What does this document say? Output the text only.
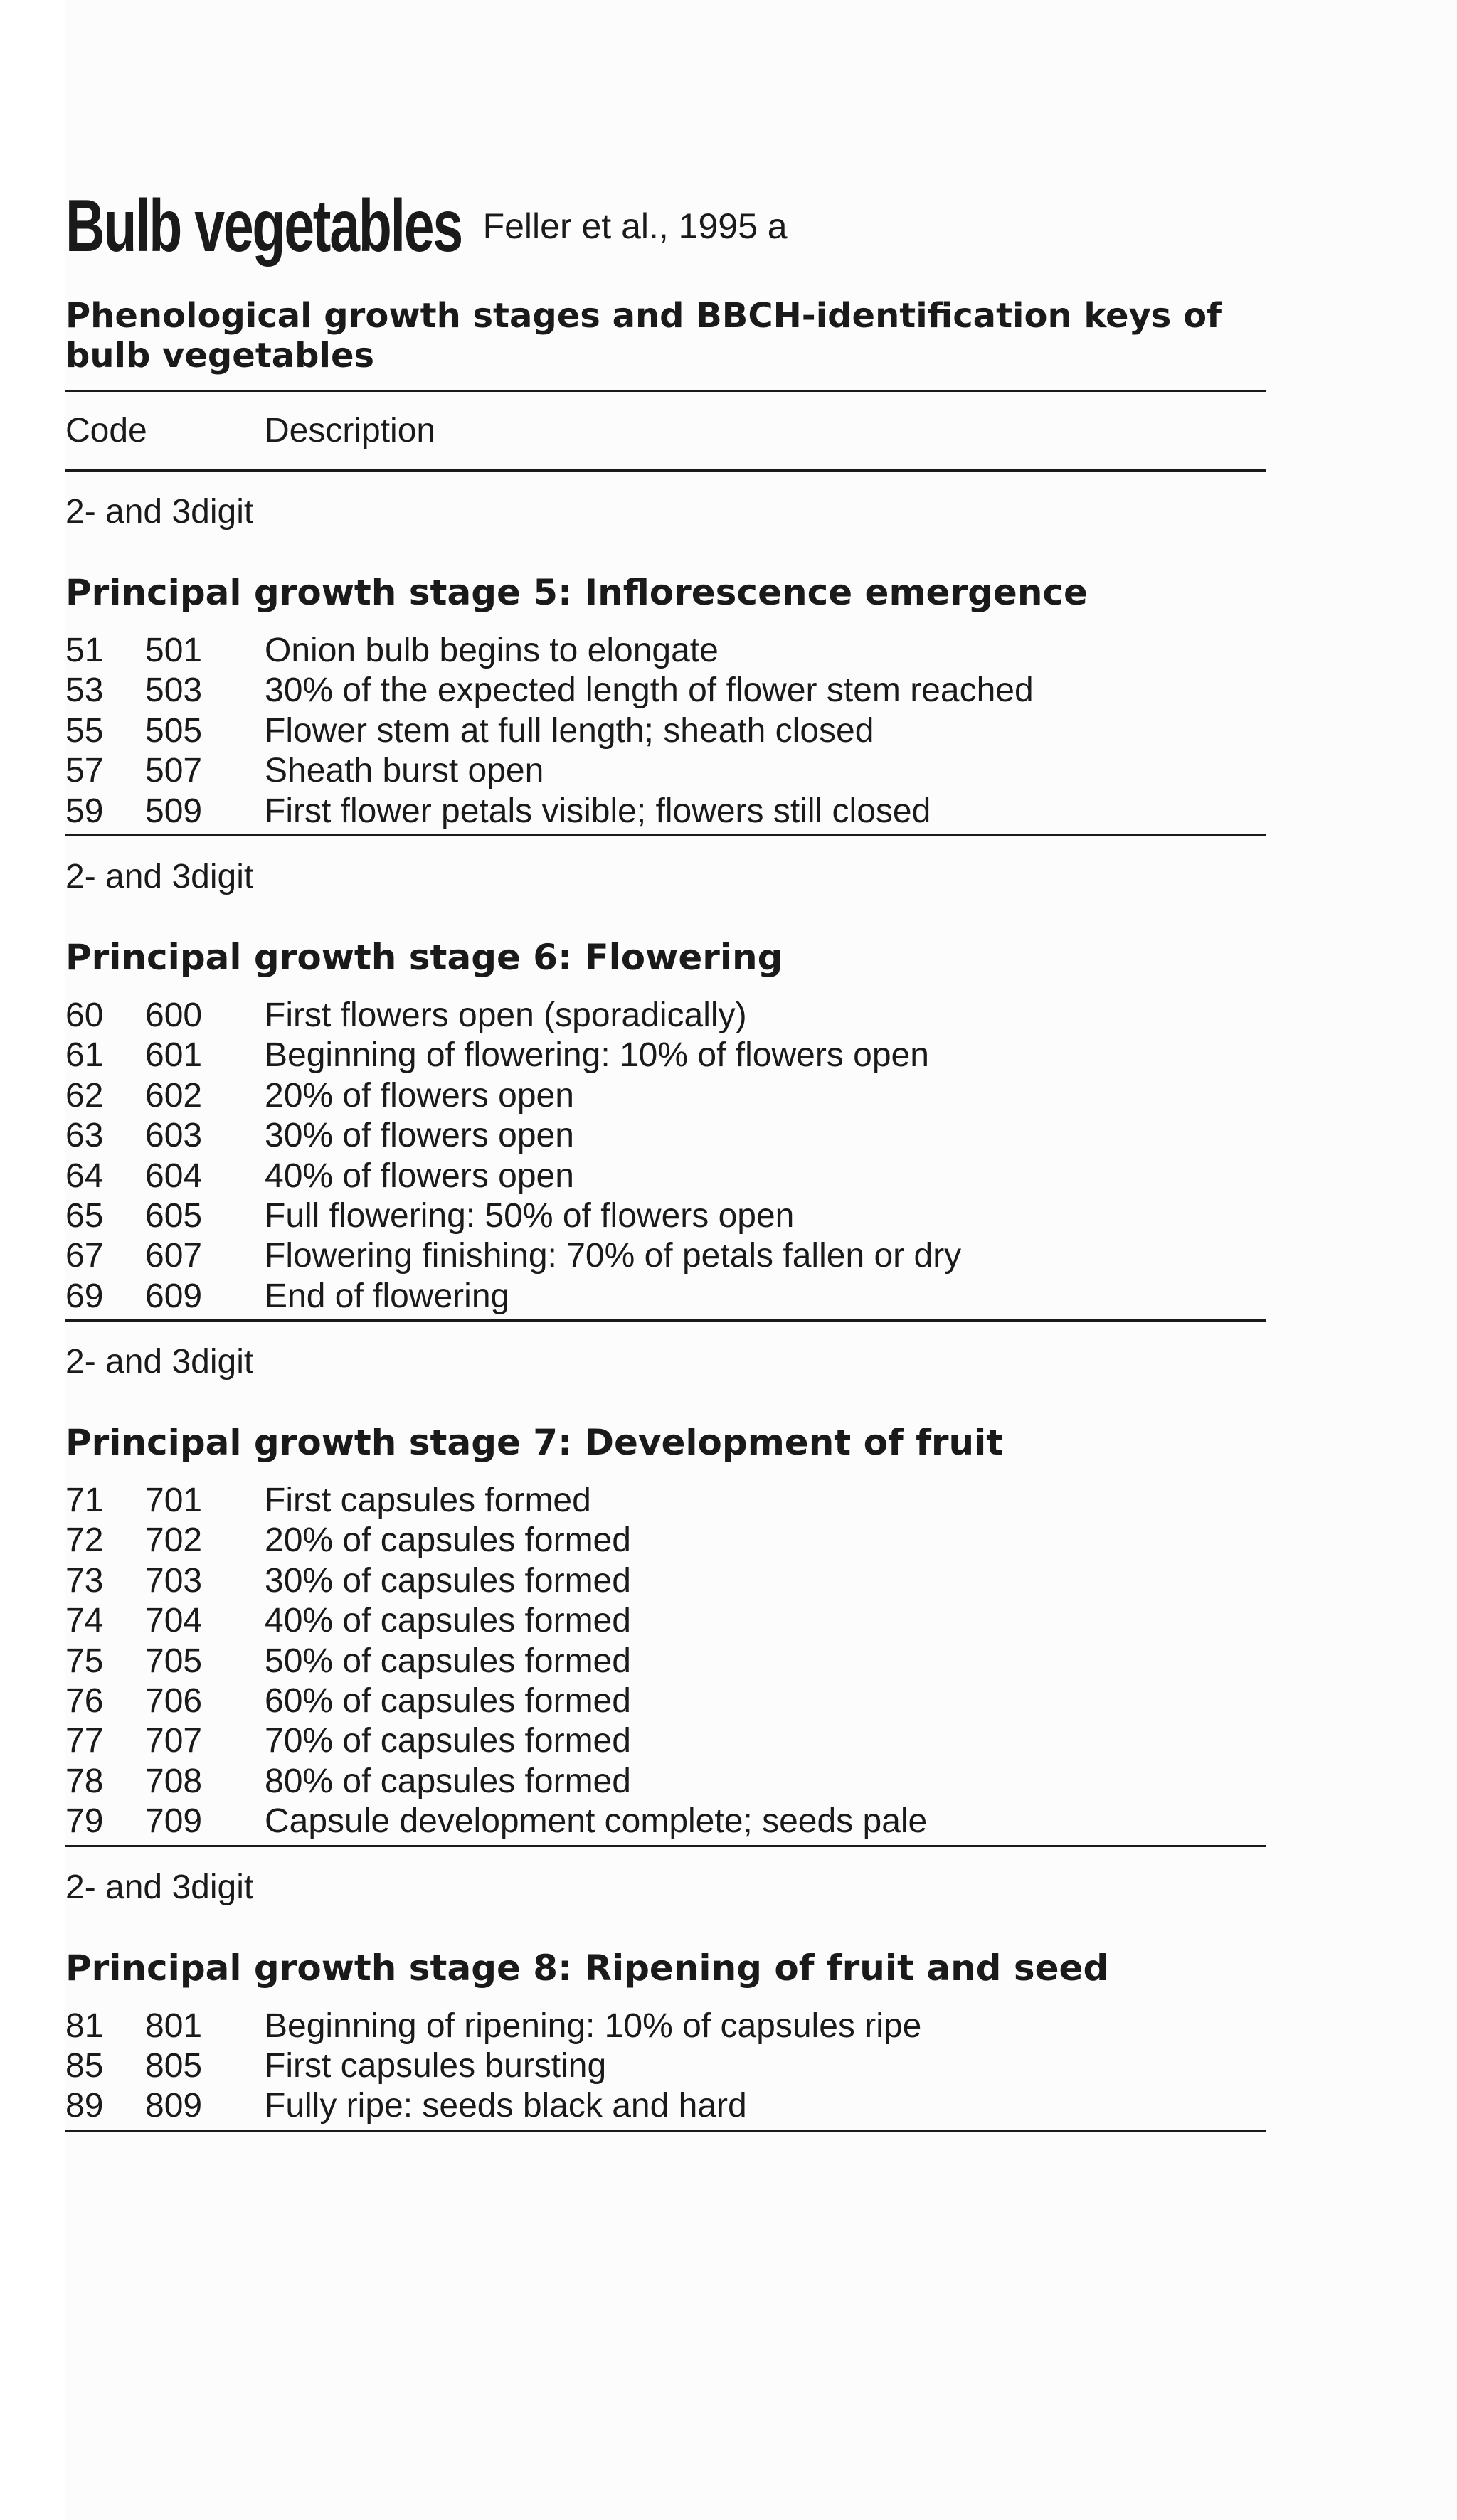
Bulb vegetables Feller et al., 1995 a
Phenological growth stages and BBCH-identification keys of bulb vegetables
Code	Description
2- and 3digit
Principal growth stage 5: Inflorescence emergence
51 501 Onion bulb begins to elongate
53 503 30% of the expected length of flower stem reached
55 505 Flower stem at full length; sheath closed
57 507 Sheath burst open
59 509 First flower petals visible; flowers still closed
2- and 3digit
Principal growth stage 6: Flowering
60 600 First flowers open (sporadically)
61 601 Beginning of flowering: 10% of flowers open
62 602 20% of flowers open
63 603 30% of flowers open
64 604 40% of flowers open
65 605 Full flowering: 50% of flowers open
67 607 Flowering finishing: 70% of petals fallen or dry
69 609 End of flowering
2- and 3digit
Principal growth stage 7: Development of fruit
71 701 First capsules formed
72 702 20% of capsules formed
73 703 30% of capsules formed
74 704 40% of capsules formed
75 705 50% of capsules formed
76 706 60% of capsules formed
77 707 70% of capsules formed
78 708 80% of capsules formed
79 709 Capsule development complete; seeds pale
2- and 3digit
Principal growth stage 8: Ripening of fruit and seed
81 801 Beginning of ripening: 10% of capsules ripe
85 805 First capsules bursting
89 809 Fully ripe: seeds black and hard
